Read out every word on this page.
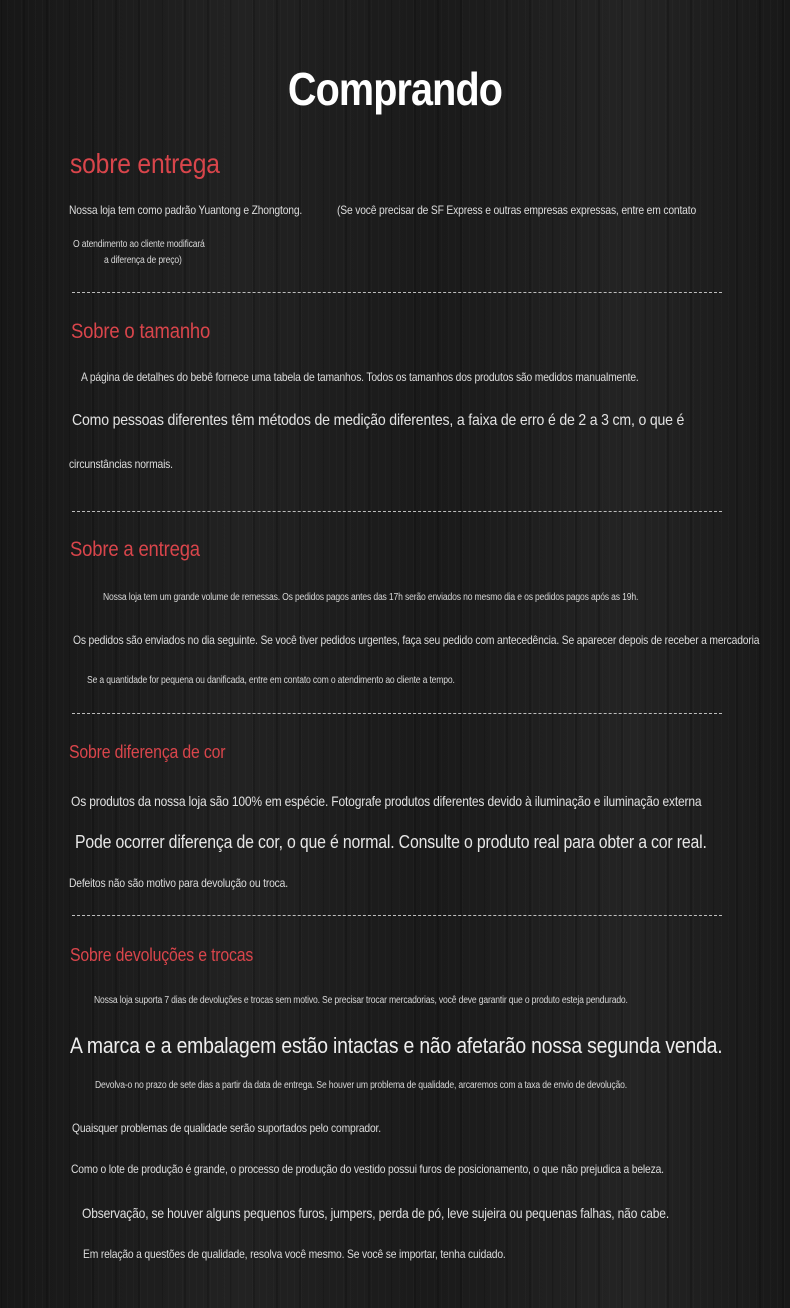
Comprando
sobre entrega

Nossa loja tem como padrão Yuantong e Zhongtong.	(Se você precisar de SF Express e outras empresas expressas, entre em contato

O atendimento ao cliente modificará

a diferença de preço)

Sobre o tamanho

A página de detalhes do bebê fornece uma tabela de tamanhos. Todos os tamanhos dos produtos são medidos manualmente.

Como pessoas diferentes têm métodos de medição diferentes, a faixa de erro é de 2 a 3 cm, o que é

circunstâncias normais.

Sobre a entrega

Nossa loja tem um grande volume de remessas. Os pedidos pagos antes das 17h serão enviados no mesmo dia e os pedidos pagos após as 19h.

Os pedidos são enviados no dia seguinte. Se você tiver pedidos urgentes, faça seu pedido com antecedência. Se aparecer depois de receber a mercadoria

Se a quantidade for pequena ou danificada, entre em contato com o atendimento ao cliente a tempo.

Sobre diferença de cor

Os produtos da nossa loja são 100% em espécie. Fotografe produtos diferentes devido à iluminação e iluminação externa

Pode ocorrer diferença de cor, o que é normal. Consulte o produto real para obter a cor real.

Defeitos não são motivo para devolução ou troca.

Sobre devoluções e trocas

Nossa loja suporta 7 dias de devoluções e trocas sem motivo. Se precisar trocar mercadorias, você deve garantir que o produto esteja pendurado.

A marca e a embalagem estão intactas e não afetarão nossa segunda venda.

Devolva-o no prazo de sete dias a partir da data de entrega. Se houver um problema de qualidade, arcaremos com a taxa de envio de devolução.

Quaisquer problemas de qualidade serão suportados pelo comprador.

Como o lote de produção é grande, o processo de produção do vestido possui furos de posicionamento, o que não prejudica a beleza.

Observação, se houver alguns pequenos furos, jumpers, perda de pó, leve sujeira ou pequenas falhas, não cabe.

Em relação a questões de qualidade, resolva você mesmo. Se você se importar, tenha cuidado.
